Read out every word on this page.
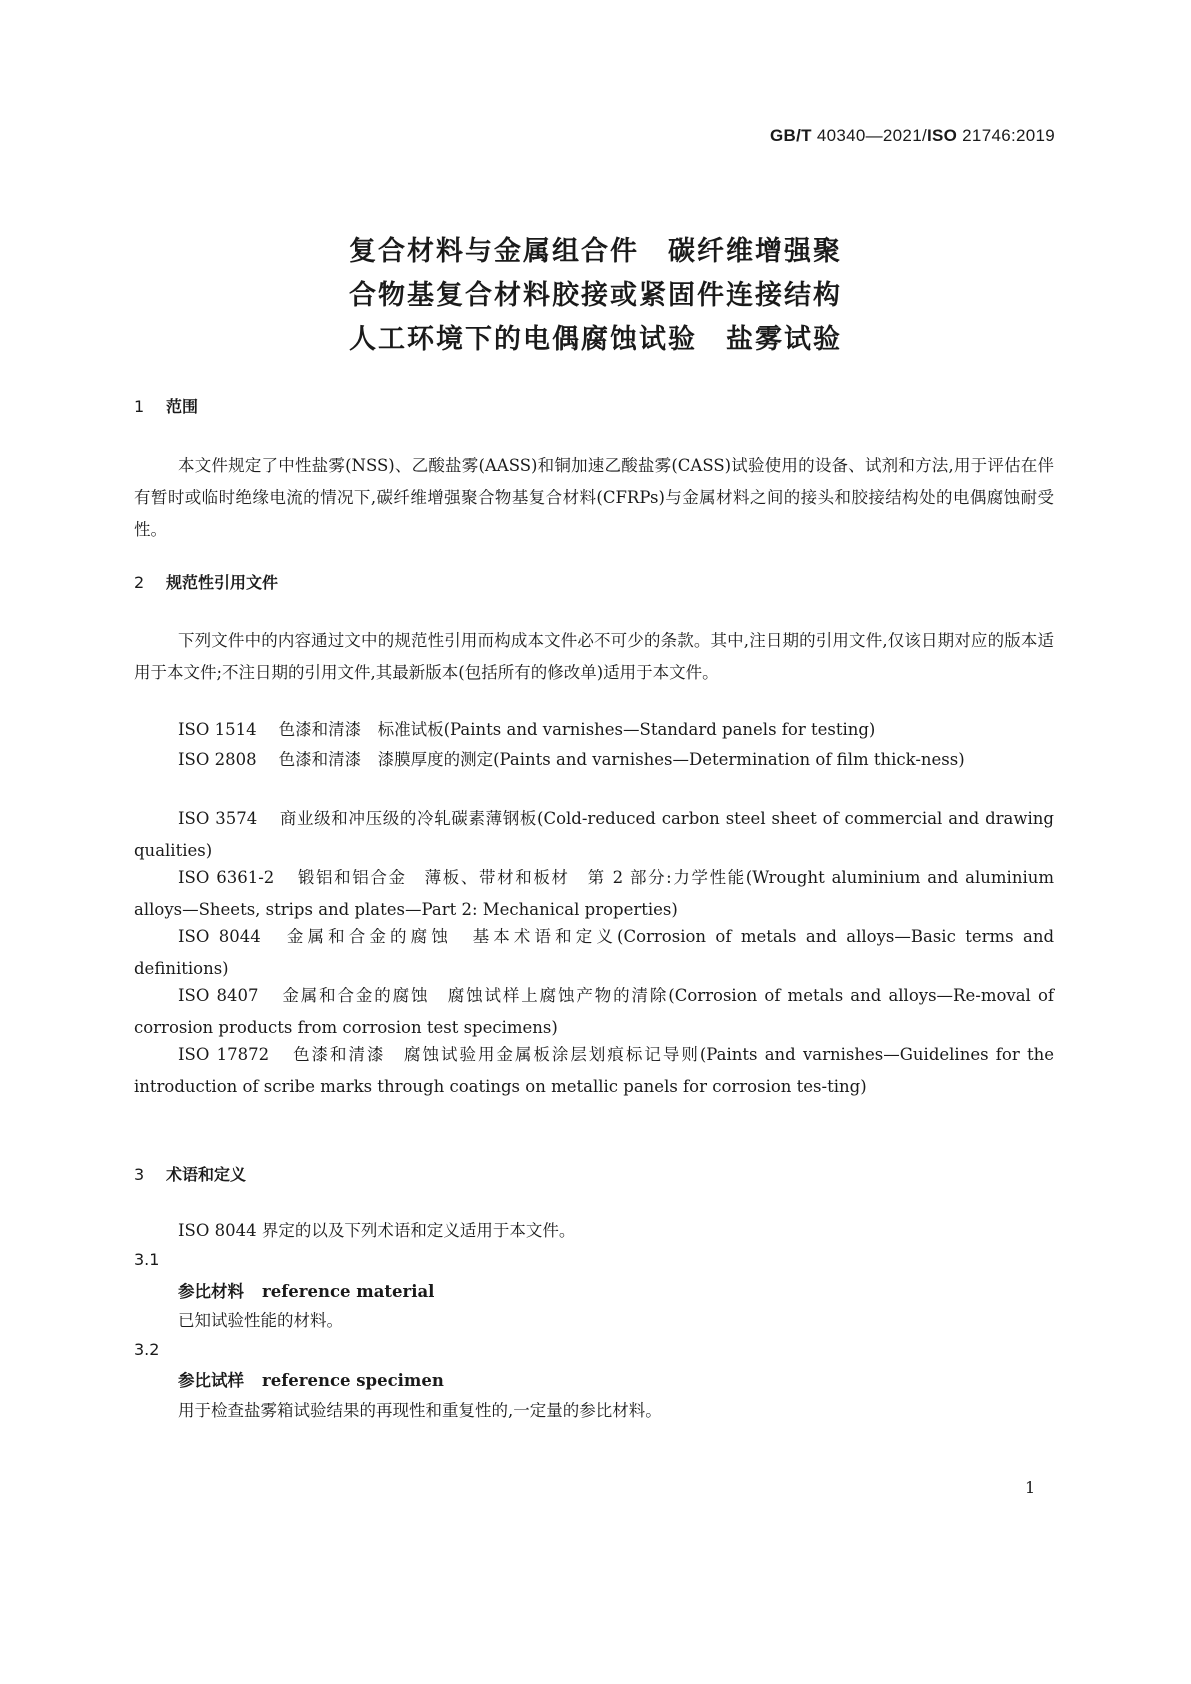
GB/T 40340—2021/ISO 21746:2019
复合材料与金属组合件　碳纤维增强聚
合物基复合材料胶接或紧固件连接结构
人工环境下的电偶腐蚀试验　盐雾试验
1 范围
本文件规定了中性盐雾(NSS)、乙酸盐雾(AASS)和铜加速乙酸盐雾(CASS)试验使用的设备、试剂和方法,用于评估在伴有暂时或临时绝缘电流的情况下,碳纤维增强聚合物基复合材料(CFRPs)与金属材料之间的接头和胶接结构处的电偶腐蚀耐受性。
2 规范性引用文件
下列文件中的内容通过文中的规范性引用而构成本文件必不可少的条款。其中,注日期的引用文件,仅该日期对应的版本适用于本文件;不注日期的引用文件,其最新版本(包括所有的修改单)适用于本文件。
ISO 1514 色漆和清漆　标准试板(Paints and varnishes—Standard panels for testing)
ISO 2808 色漆和清漆　漆膜厚度的测定(Paints and varnishes—Determination of film thick-ness)
ISO 3574 商业级和冲压级的冷轧碳素薄钢板(Cold-reduced carbon steel sheet of commercial and drawing qualities)
ISO 6361-2 锻铝和铝合金　薄板、带材和板材　第 2 部分:力学性能(Wrought aluminium and aluminium alloys—Sheets, strips and plates—Part 2: Mechanical properties)
ISO 8044 金属和合金的腐蚀　基本术语和定义(Corrosion of metals and alloys—Basic terms and definitions)
ISO 8407 金属和合金的腐蚀　腐蚀试样上腐蚀产物的清除(Corrosion of metals and alloys—Re-moval of corrosion products from corrosion test specimens)
ISO 17872 色漆和清漆　腐蚀试验用金属板涂层划痕标记导则(Paints and varnishes—Guidelines for the introduction of scribe marks through coatings on metallic panels for corrosion tes-ting)
3 术语和定义
ISO 8044 界定的以及下列术语和定义适用于本文件。
3.1
参比材料 reference material
已知试验性能的材料。
3.2
参比试样 reference specimen
用于检查盐雾箱试验结果的再现性和重复性的,一定量的参比材料。
1
